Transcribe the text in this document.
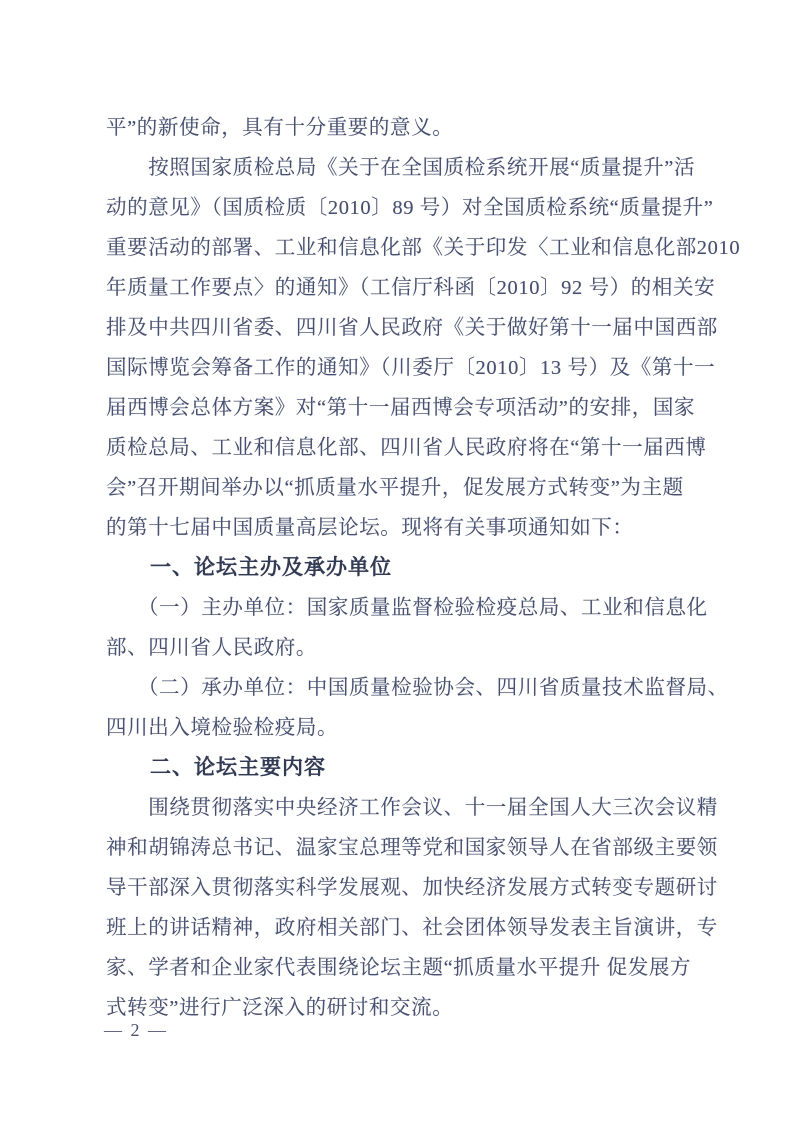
平”的新使命，具有十分重要的意义。
　　按照国家质检总局《关于在全国质检系统开展“质量提升”活
动的意见》（国质检质〔2010〕89 号）对全国质检系统“质量提升”
重要活动的部署、工业和信息化部《关于印发〈工业和信息化部2010
年质量工作要点〉的通知》（工信厅科函〔2010〕92 号）的相关安
排及中共四川省委、四川省人民政府《关于做好第十一届中国西部
国际博览会筹备工作的通知》（川委厅〔2010〕13 号）及《第十一
届西博会总体方案》对“第十一届西博会专项活动”的安排，国家
质检总局、工业和信息化部、四川省人民政府将在“第十一届西博
会”召开期间举办以“抓质量水平提升，促发展方式转变”为主题
的第十七届中国质量高层论坛。现将有关事项通知如下：
　　一、论坛主办及承办单位
　　（一）主办单位：国家质量监督检验检疫总局、工业和信息化
部、四川省人民政府。
　　（二）承办单位：中国质量检验协会、四川省质量技术监督局、
四川出入境检验检疫局。
　　二、论坛主要内容
　　围绕贯彻落实中央经济工作会议、十一届全国人大三次会议精
神和胡锦涛总书记、温家宝总理等党和国家领导人在省部级主要领
导干部深入贯彻落实科学发展观、加快经济发展方式转变专题研讨
班上的讲话精神，政府相关部门、社会团体领导发表主旨演讲，专
家、学者和企业家代表围绕论坛主题“抓质量水平提升 促发展方
式转变”进行广泛深入的研讨和交流。
— 2 —
